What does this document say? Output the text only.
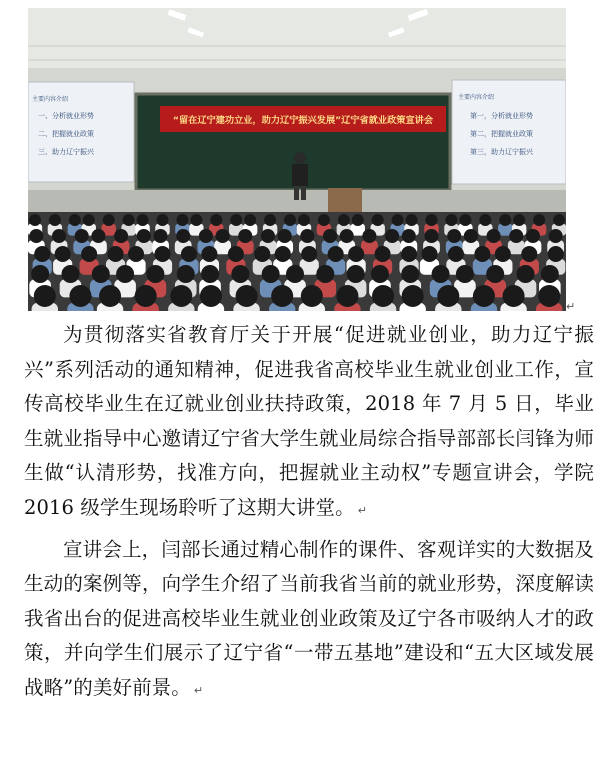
“留在辽宁建功立业，助力辽宁振兴发展”辽宁省就业政策宣讲会
主要内容介绍
一、分析就业形势
二、把握就业政策
三、助力辽宁振兴
主要内容介绍
第一，分析就业形势
第二，把握就业政策
第三，助力辽宁振兴
↵

为贯彻落实省教育厅关于开展“促进就业创业，助力辽宁振兴”系列活动的通知精神，促进我省高校毕业生就业创业工作，宣传高校毕业生在辽就业创业扶持政策，2018 年 7 月 5 日，毕业生就业指导中心邀请辽宁省大学生就业局综合指导部部长闫锋为师生做“认清形势，找准方向，把握就业主动权”专题宣讲会，学院 2016 级学生现场聆听了这期大讲堂。 ↵

宣讲会上，闫部长通过精心制作的课件、客观详实的大数据及生动的案例等，向学生介绍了当前我省当前的就业形势，深度解读我省出台的促进高校毕业生就业创业政策及辽宁各市吸纳人才的政策，并向学生们展示了辽宁省“一带五基地”建设和“五大区域发展战略”的美好前景。 ↵
